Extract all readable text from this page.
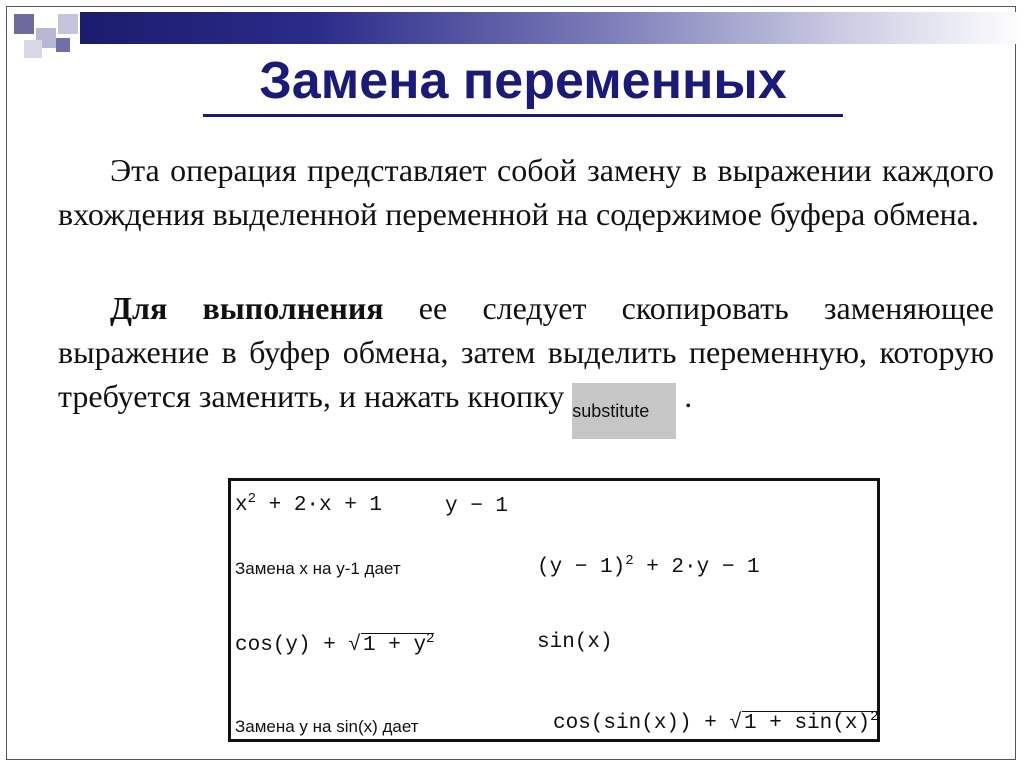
Замена переменных
Эта операция представляет собой замену в выражении каждого вхождения выделенной переменной на содержимое буфера обмена.
Для выполнения ее следует скопировать заменяющее выражение в буфер обмена, затем выделить переменную, которую требуется заменить, и нажать кнопку substitute .
$x^2 + 2\cdot x + 1$	y − 1
Замена x на y-1 дает	$(y - 1)^2 + 2\cdot y - 1$
$\cos(y) + √1 + y^2$	sin(x)
Замена y на sin(x) дает	$\cos(\sin(x)) + √1 + \sin(x)^2$
